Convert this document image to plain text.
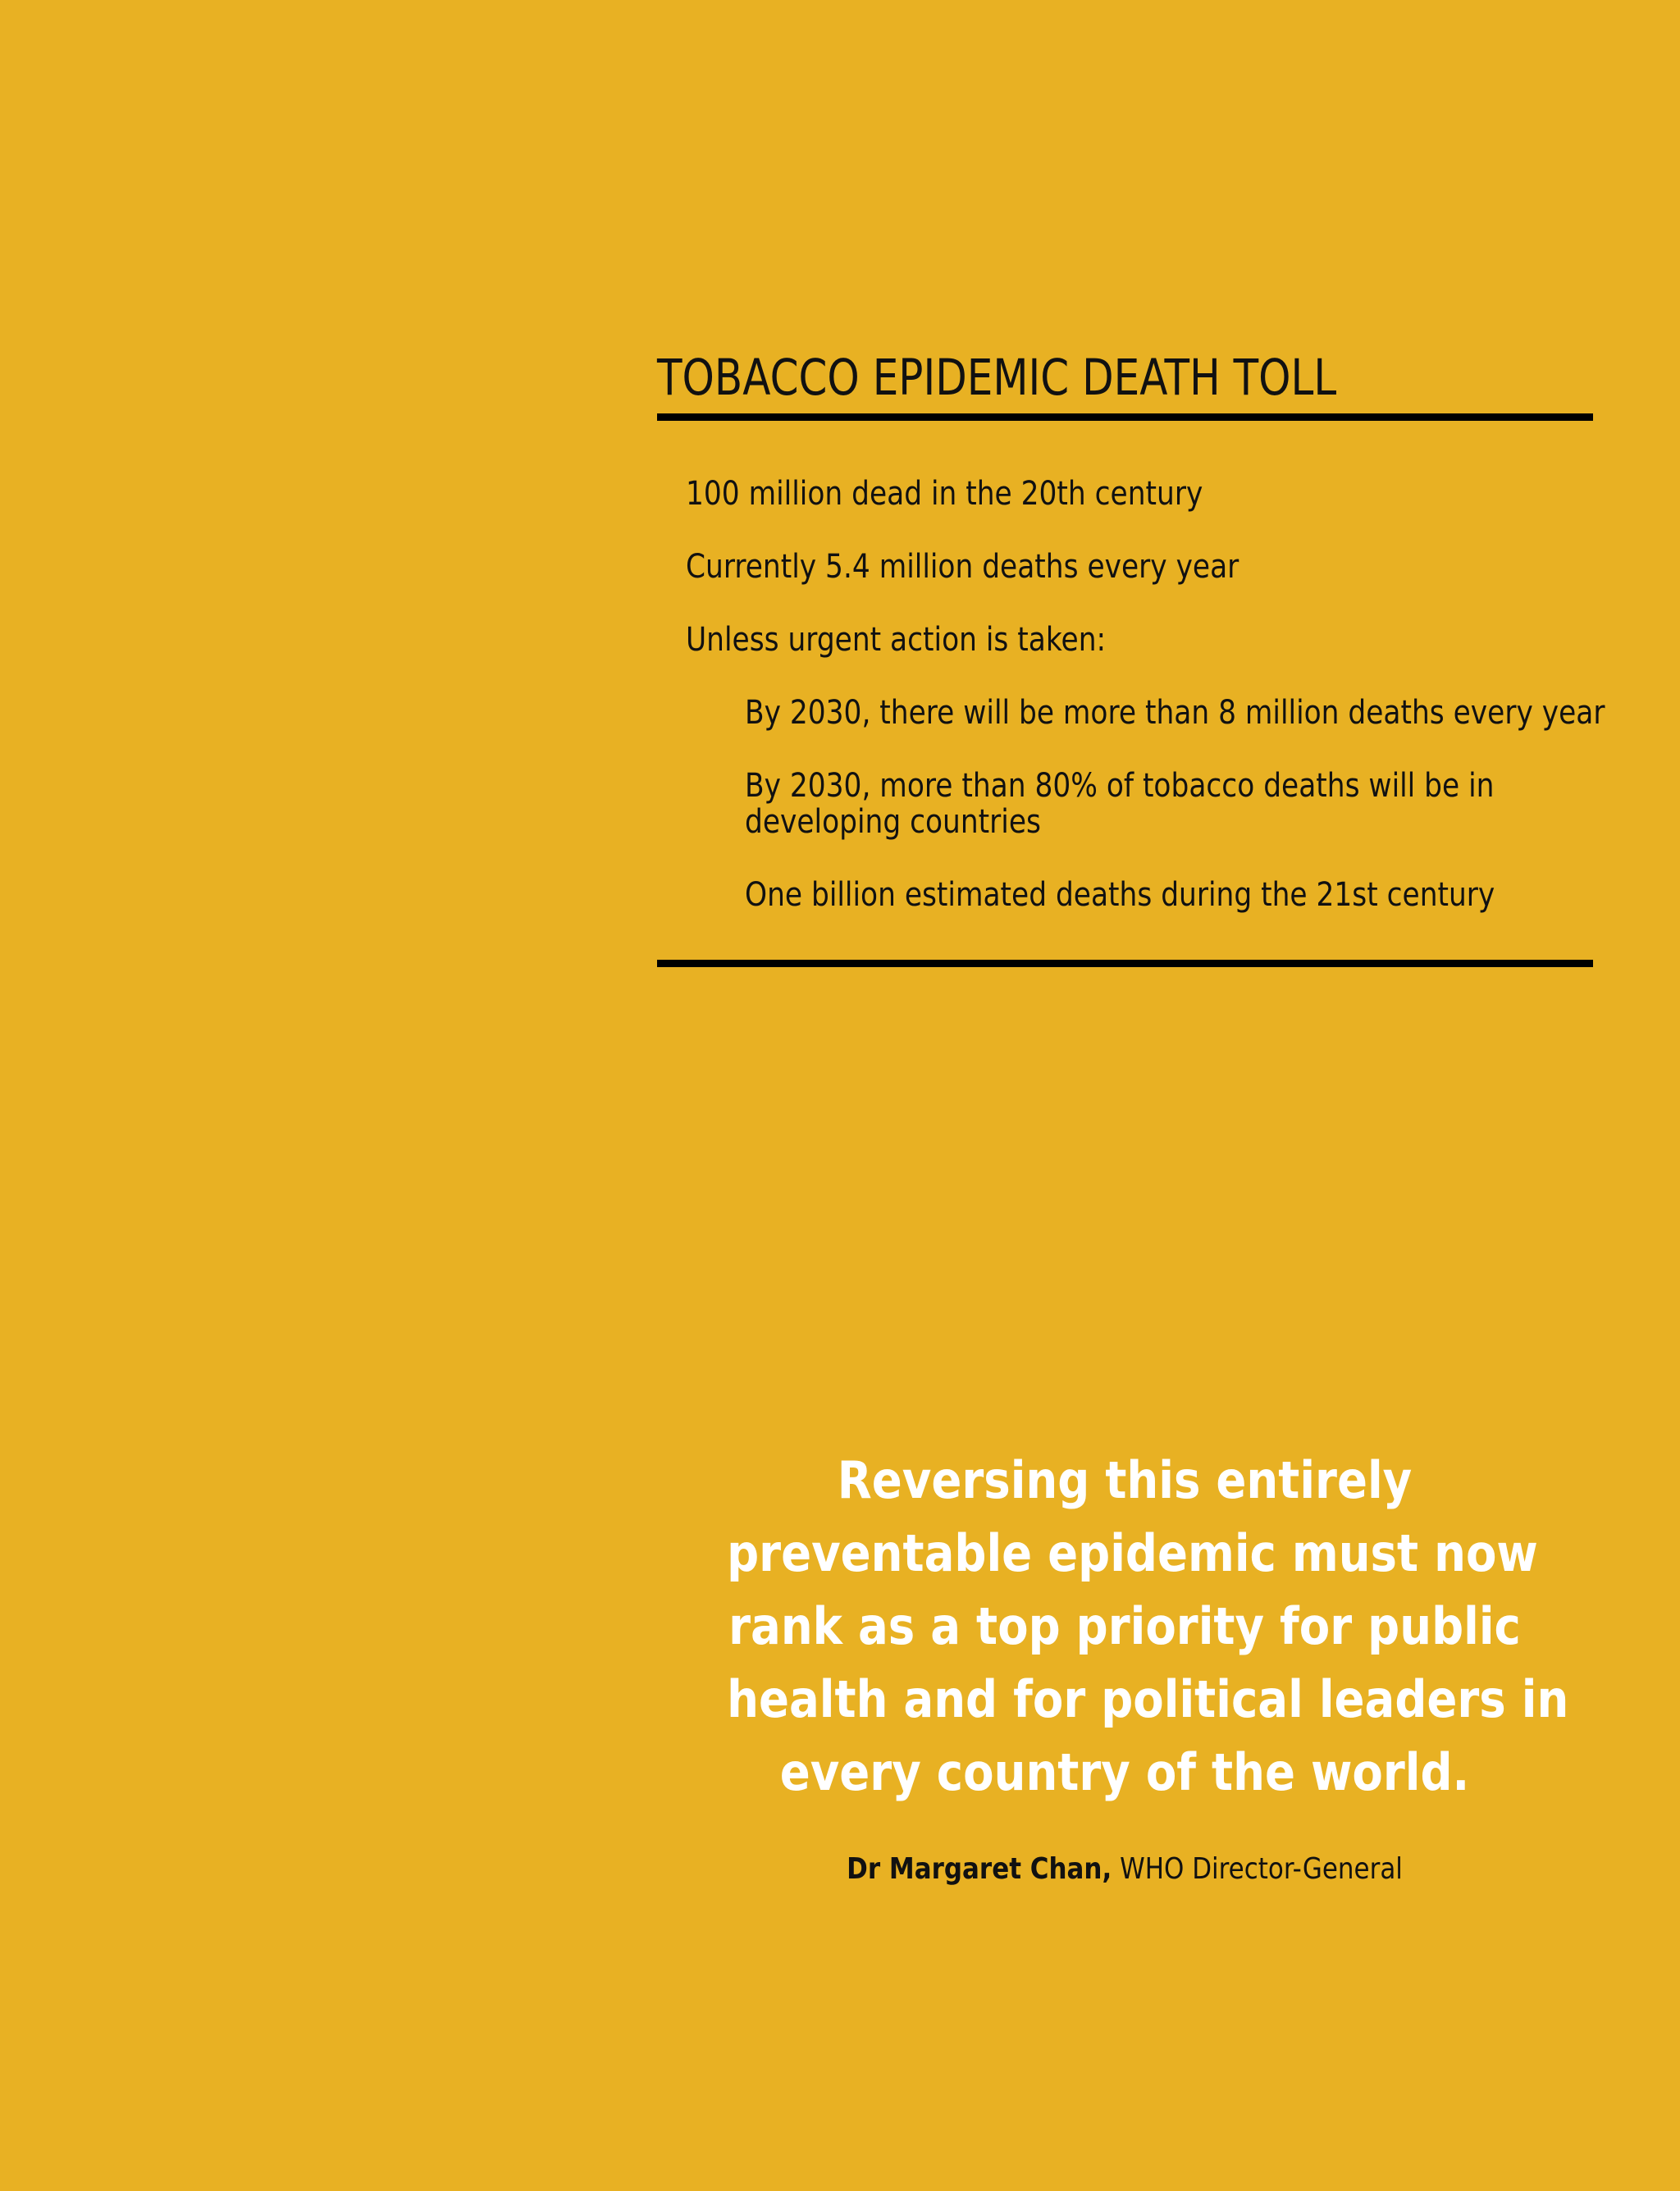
TOBACCO EPIDEMIC DEATH TOLL
100 million dead in the 20th century
Currently 5.4 million deaths every year
Unless urgent action is taken:
By 2030, there will be more than 8 million deaths every year
By 2030, more than 80% of tobacco deaths will be in
developing countries
One billion estimated deaths during the 21st century
Reversing this entirely
preventable epidemic must now
rank as a top priority for public
health and for political leaders in
every country of the world.
Dr Margaret Chan, WHO Director-General
